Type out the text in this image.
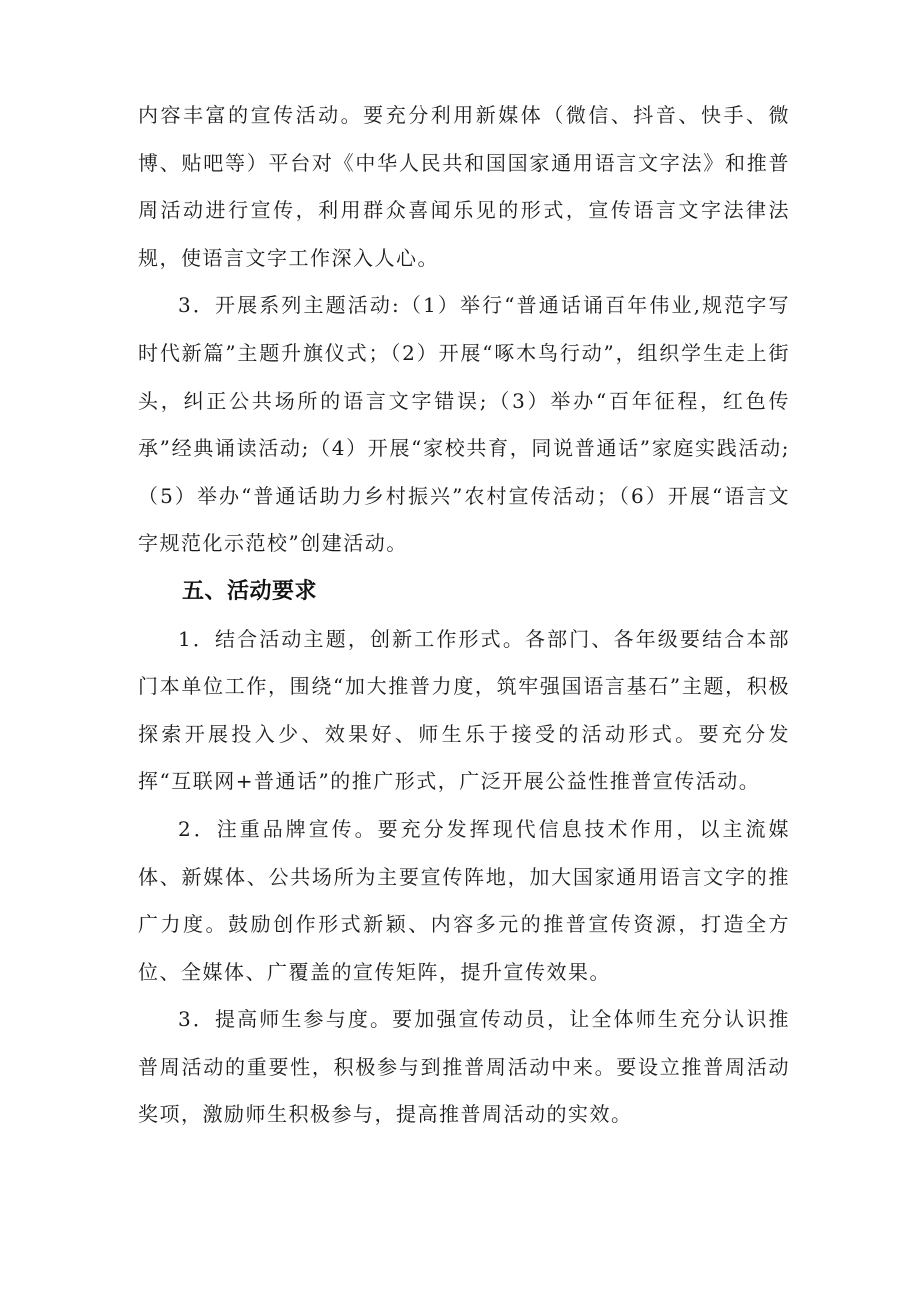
内容丰富的宣传活动。要充分利用新媒体（微信、抖音、快手、微博、贴吧等）平台对《中华人民共和国国家通用语言文字法》和推普周活动进行宣传，利用群众喜闻乐见的形式，宣传语言文字法律法规，使语言文字工作深入人心。

3．开展系列主题活动:（1）举行“普通话诵百年伟业,规范字写时代新篇”主题升旗仪式；（2）开展“啄木鸟行动”，组织学生走上街头，纠正公共场所的语言文字错误;（3）举办“百年征程，红色传承”经典诵读活动;（4）开展“家校共育，同说普通话”家庭实践活动;（5）举办“普通话助力乡村振兴”农村宣传活动；（6）开展“语言文字规范化示范校”创建活动。

五、活动要求

1．结合活动主题，创新工作形式。各部门、各年级要结合本部门本单位工作，围绕“加大推普力度，筑牢强国语言基石”主题，积极探索开展投入少、效果好、师生乐于接受的活动形式。要充分发挥“互联网+普通话”的推广形式，广泛开展公益性推普宣传活动。

2．注重品牌宣传。要充分发挥现代信息技术作用，以主流媒体、新媒体、公共场所为主要宣传阵地，加大国家通用语言文字的推广力度。鼓励创作形式新颖、内容多元的推普宣传资源，打造全方位、全媒体、广覆盖的宣传矩阵，提升宣传效果。

3．提高师生参与度。要加强宣传动员，让全体师生充分认识推普周活动的重要性，积极参与到推普周活动中来。要设立推普周活动奖项，激励师生积极参与，提高推普周活动的实效。
